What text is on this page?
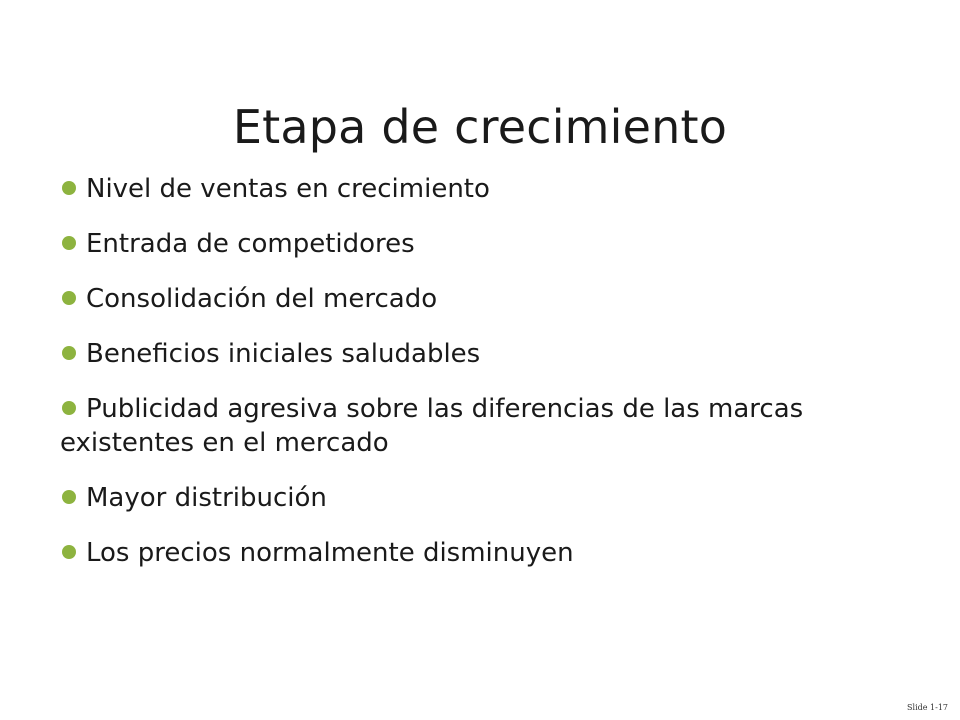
Etapa de crecimiento
Nivel de ventas en crecimiento
Entrada de competidores
Consolidación del mercado
Beneficios iniciales saludables
Publicidad agresiva sobre las diferencias de las marcas existentes en el mercado
Mayor distribución
Los precios normalmente disminuyen
Slide 1-17
